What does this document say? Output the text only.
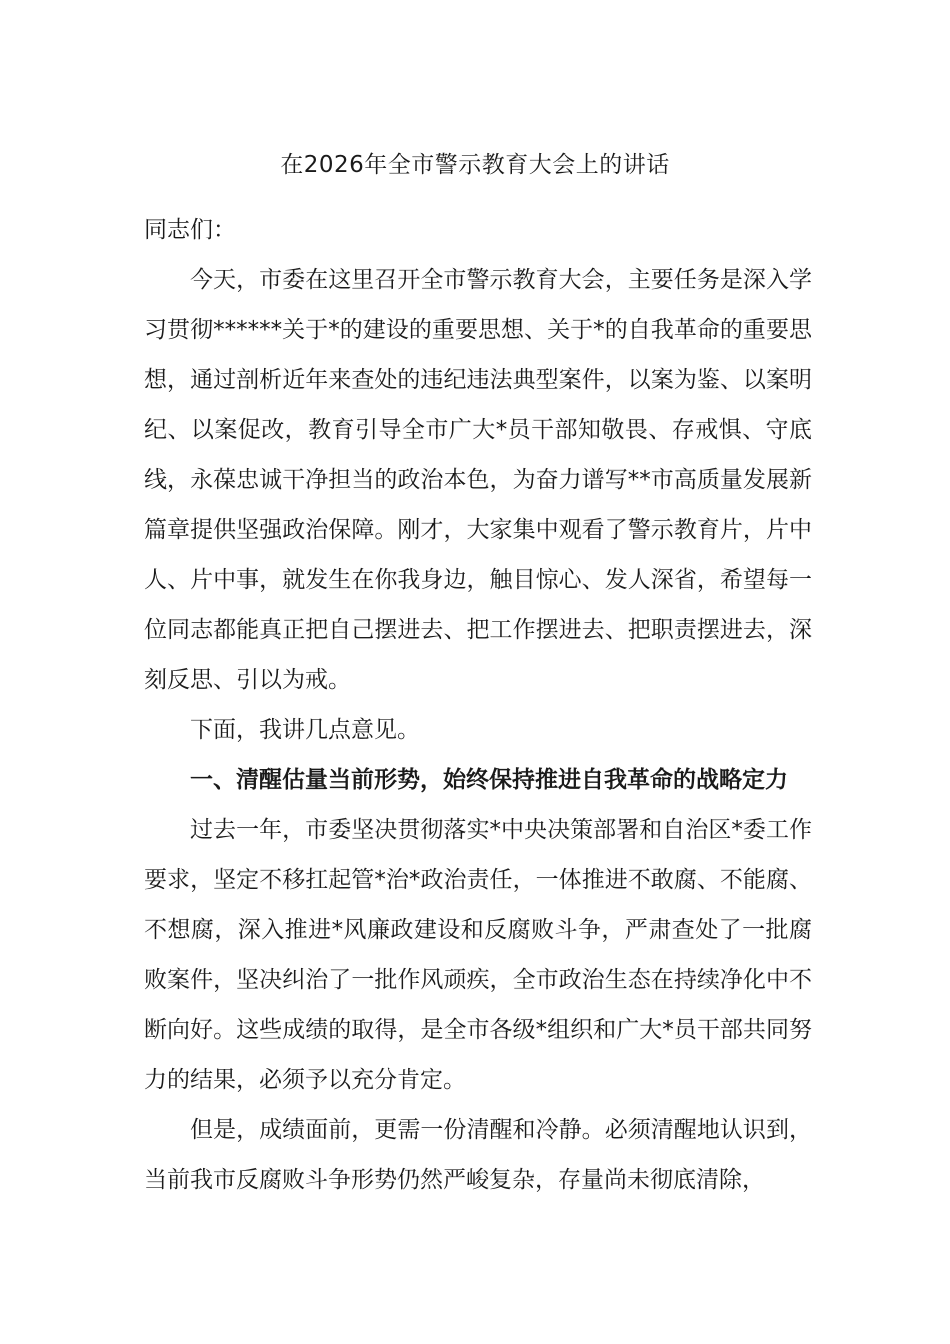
在2026年全市警示教育大会上的讲话

同志们：

今天，市委在这里召开全市警示教育大会，主要任务是深入学习贯彻******关于*的建设的重要思想、关于*的自我革命的重要思想，通过剖析近年来查处的违纪违法典型案件，以案为鉴、以案明纪、以案促改，教育引导全市广大*员干部知敬畏、存戒惧、守底线，永葆忠诚干净担当的政治本色，为奋力谱写**市高质量发展新篇章提供坚强政治保障。刚才，大家集中观看了警示教育片，片中人、片中事，就发生在你我身边，触目惊心、发人深省，希望每一位同志都能真正把自己摆进去、把工作摆进去、把职责摆进去，深刻反思、引以为戒。

下面，我讲几点意见。

一、清醒估量当前形势，始终保持推进自我革命的战略定力

过去一年，市委坚决贯彻落实*中央决策部署和自治区*委工作要求，坚定不移扛起管*治*政治责任，一体推进不敢腐、不能腐、不想腐，深入推进*风廉政建设和反腐败斗争，严肃查处了一批腐败案件，坚决纠治了一批作风顽疾，全市政治生态在持续净化中不断向好。这些成绩的取得，是全市各级*组织和广大*员干部共同努力的结果，必须予以充分肯定。

但是，成绩面前，更需一份清醒和冷静。必须清醒地认识到，当前我市反腐败斗争形势仍然严峻复杂，存量尚未彻底清除，
